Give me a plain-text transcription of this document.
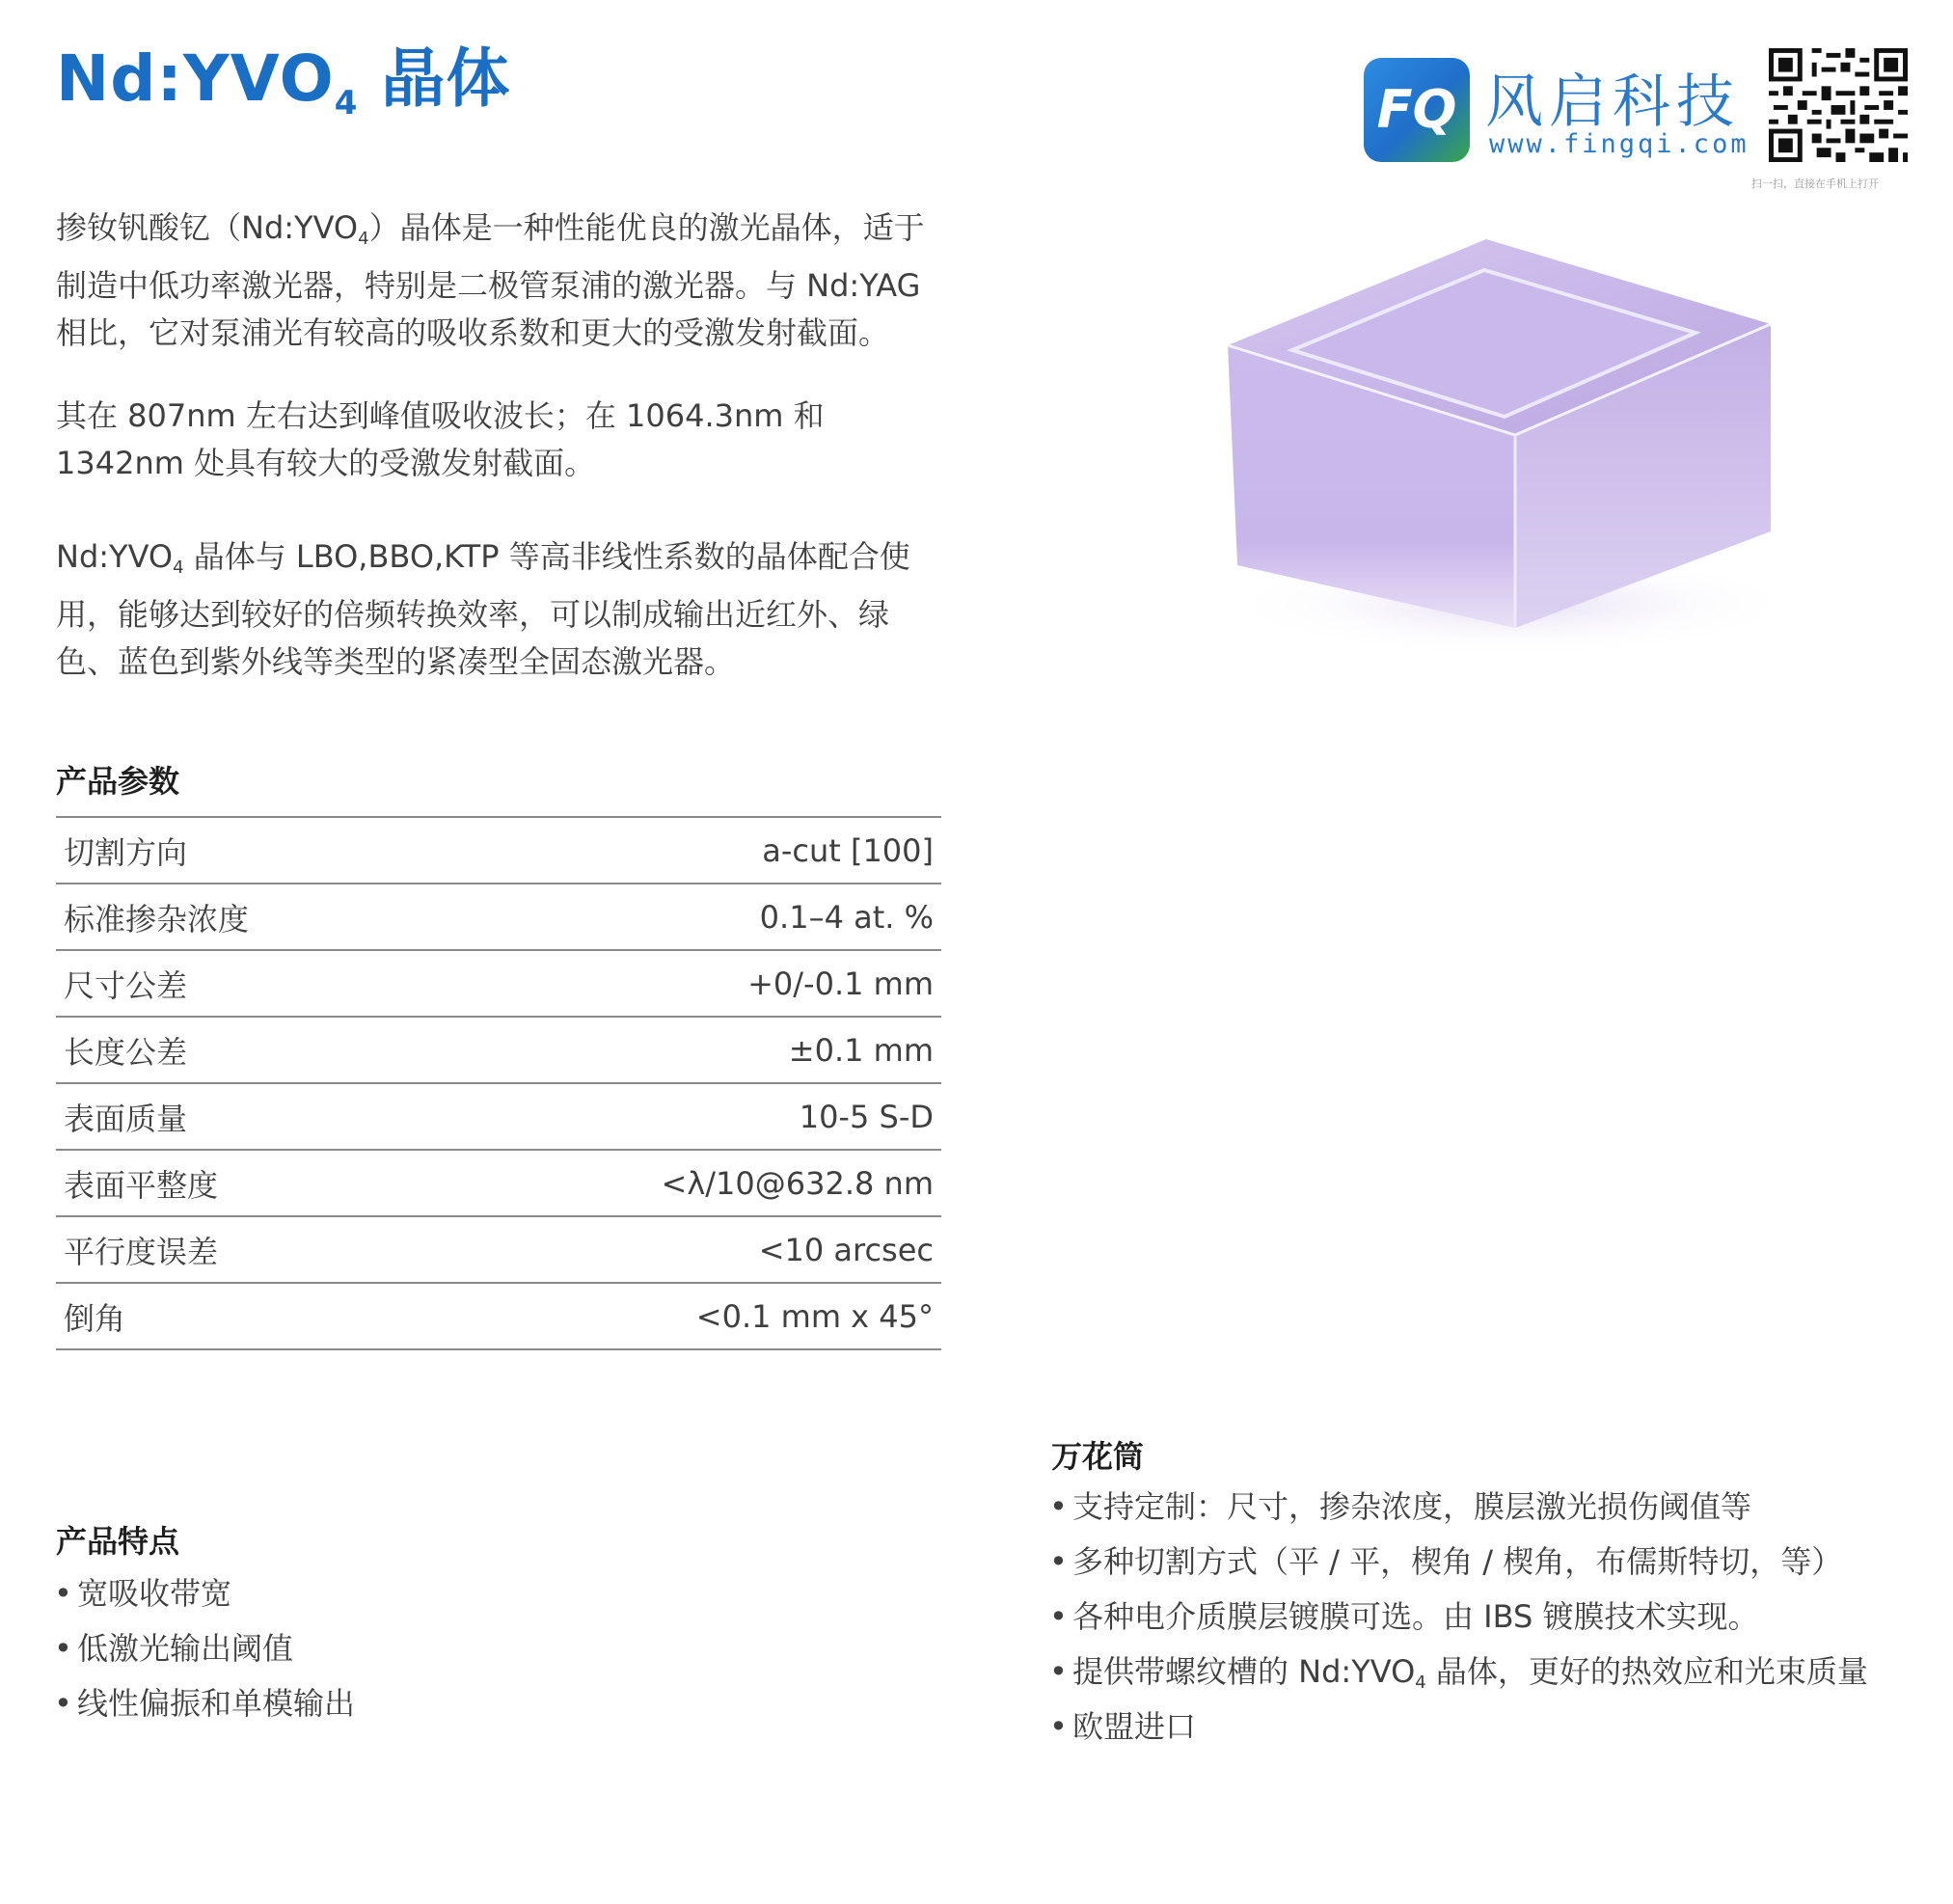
$Nd:YVO_4$ 晶体	FQ 风启科技
www.fingqi.com
扫一扫，直接在手机上打开
掺钕钒酸钇$(Nd:YVO_4)$晶体是一种性能优良的激光晶体，适于制造中低功率激光器，特别是二极管泵浦的激光器。与 Nd:YAG 相比，它对泵浦光有较高的吸收系数和更大的受激发射截面。
其在 807nm 左右达到峰值吸收波长；在 1064.3nm 和 1342nm 处具有较大的受激发射截面。
$Nd:YVO_4$ 晶体与 LBO,BBO,KTP 等高非线性系数的晶体配合使用，能够达到较好的倍频转换效率，可以制成输出近红外、绿色、蓝色到紫外线等类型的紧凑型全固态激光器。
产品参数
切割方向	a-cut [100]
标准掺杂浓度	0.1–4 at. %
尺寸公差	+0/-0.1 mm
长度公差	±0.1 mm
表面质量	10-5 S-D
表面平整度	<λ/10@632.8 nm
平行度误差	<10 arcsec
倒角	<0.1 mm x 45°
产品特点
• 宽吸收带宽
• 低激光输出阈值
• 线性偏振和单模输出
万花筒
• 支持定制：尺寸，掺杂浓度，膜层激光损伤阈值等
• 多种切割方式（平 / 平，楔角 / 楔角，布儒斯特切，等）
• 各种电介质膜层镀膜可选。由 IBS 镀膜技术实现。
• 提供带螺纹槽的 $Nd:YVO_4$ 晶体，更好的热效应和光束质量
• 欧盟进口
